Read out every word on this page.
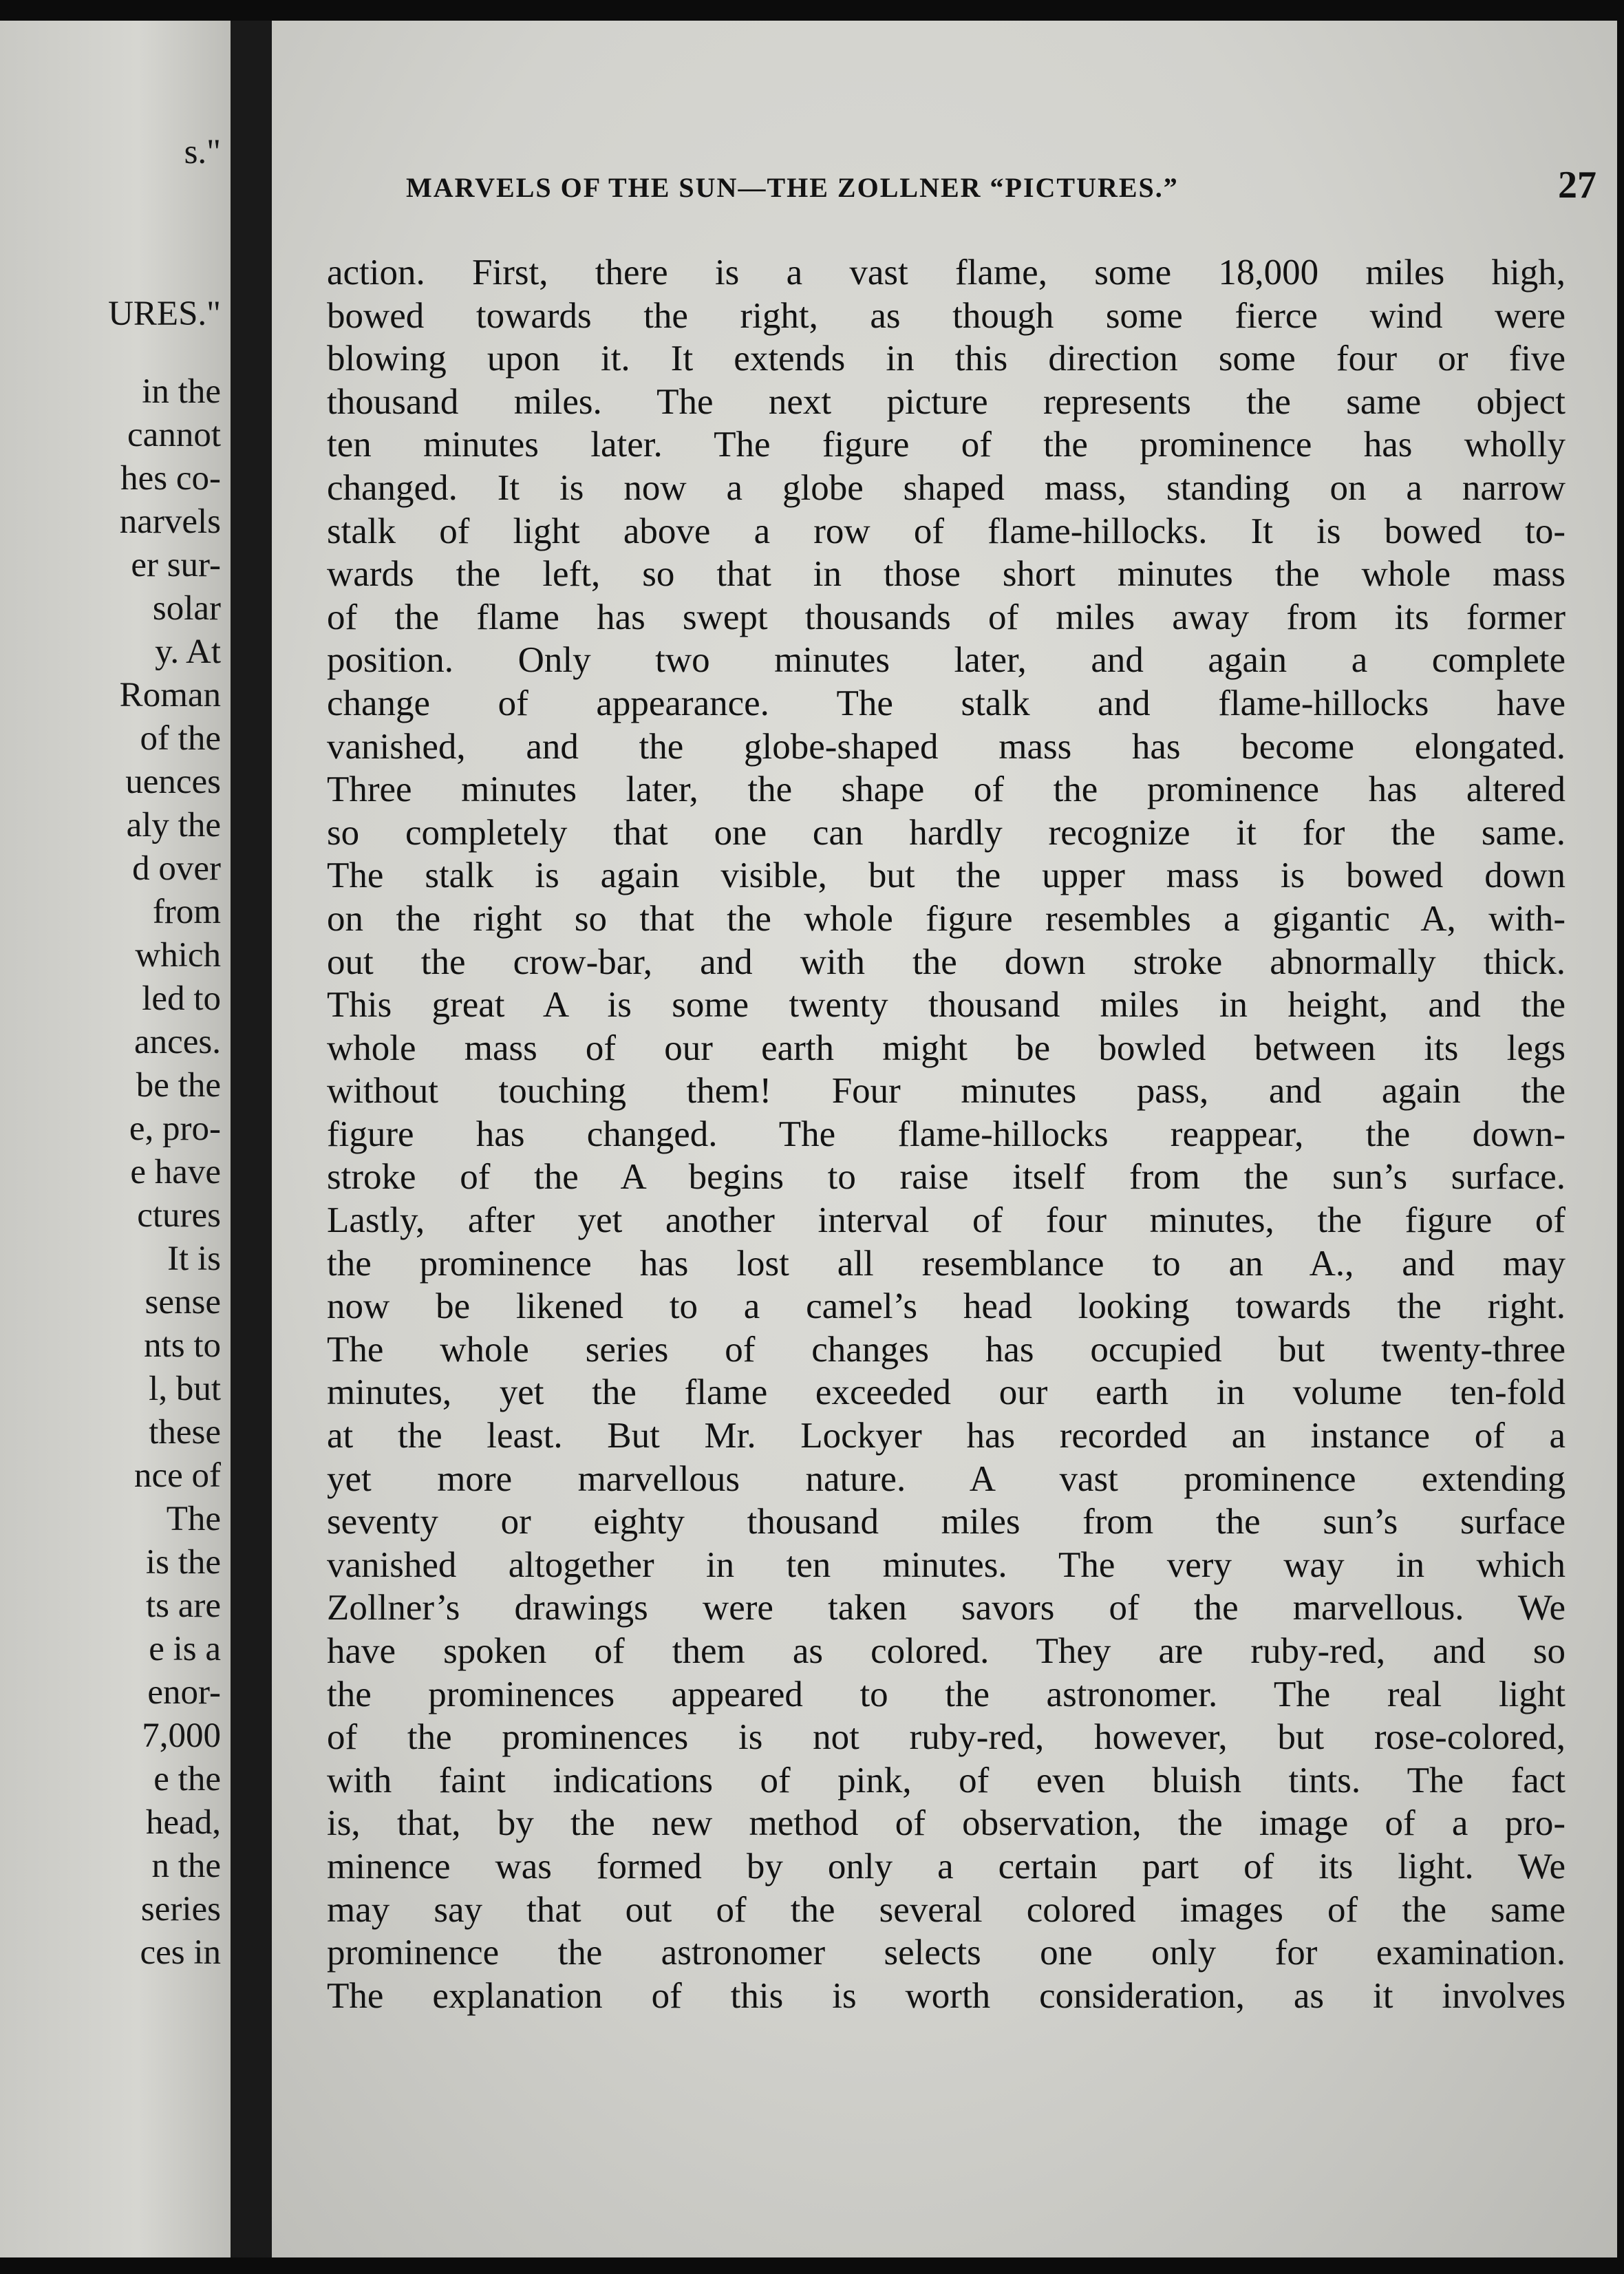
s."
URES."
in the
cannot
hes co-
narvels
er sur-
solar
y. At
Roman
of the
uences
aly the
d over
from
which
led to
ances.
be the
e, pro-
e have
ctures
It is
sense
nts to
l, but
these
nce of
The
is the
ts are
e is a
enor-
7,000
e the
head,
n the
series
ces in
MARVELS OF THE SUN—THE ZOLLNER “PICTURES.”	27
action. First, there is a vast flame, some 18,000 miles high,
bowed towards the right, as though some fierce wind were
blowing upon it. It extends in this direction some four or five
thousand miles. The next picture represents the same object
ten minutes later. The figure of the prominence has wholly
changed. It is now a globe shaped mass, standing on a narrow
stalk of light above a row of flame-hillocks. It is bowed to-
wards the left, so that in those short minutes the whole mass
of the flame has swept thousands of miles away from its former
position. Only two minutes later, and again a complete
change of appearance. The stalk and flame-hillocks have
vanished, and the globe-shaped mass has become elongated.
Three minutes later, the shape of the prominence has altered
so completely that one can hardly recognize it for the same.
The stalk is again visible, but the upper mass is bowed down
on the right so that the whole figure resembles a gigantic A, with-
out the crow-bar, and with the down stroke abnormally thick.
This great A is some twenty thousand miles in height, and the
whole mass of our earth might be bowled between its legs
without touching them! Four minutes pass, and again the
figure has changed. The flame-hillocks reappear, the down-
stroke of the A begins to raise itself from the sun’s surface.
Lastly, after yet another interval of four minutes, the figure of
the prominence has lost all resemblance to an A., and may
now be likened to a camel’s head looking towards the right.
The whole series of changes has occupied but twenty-three
minutes, yet the flame exceeded our earth in volume ten-fold
at the least. But Mr. Lockyer has recorded an instance of a
yet more marvellous nature. A vast prominence extending
seventy or eighty thousand miles from the sun’s surface
vanished altogether in ten minutes. The very way in which
Zollner’s drawings were taken savors of the marvellous. We
have spoken of them as colored. They are ruby-red, and so
the prominences appeared to the astronomer. The real light
of the prominences is not ruby-red, however, but rose-colored,
with faint indications of pink, of even bluish tints. The fact
is, that, by the new method of observation, the image of a pro-
minence was formed by only a certain part of its light. We
may say that out of the several colored images of the same
prominence the astronomer selects one only for examination.
The explanation of this is worth consideration, as it involves
